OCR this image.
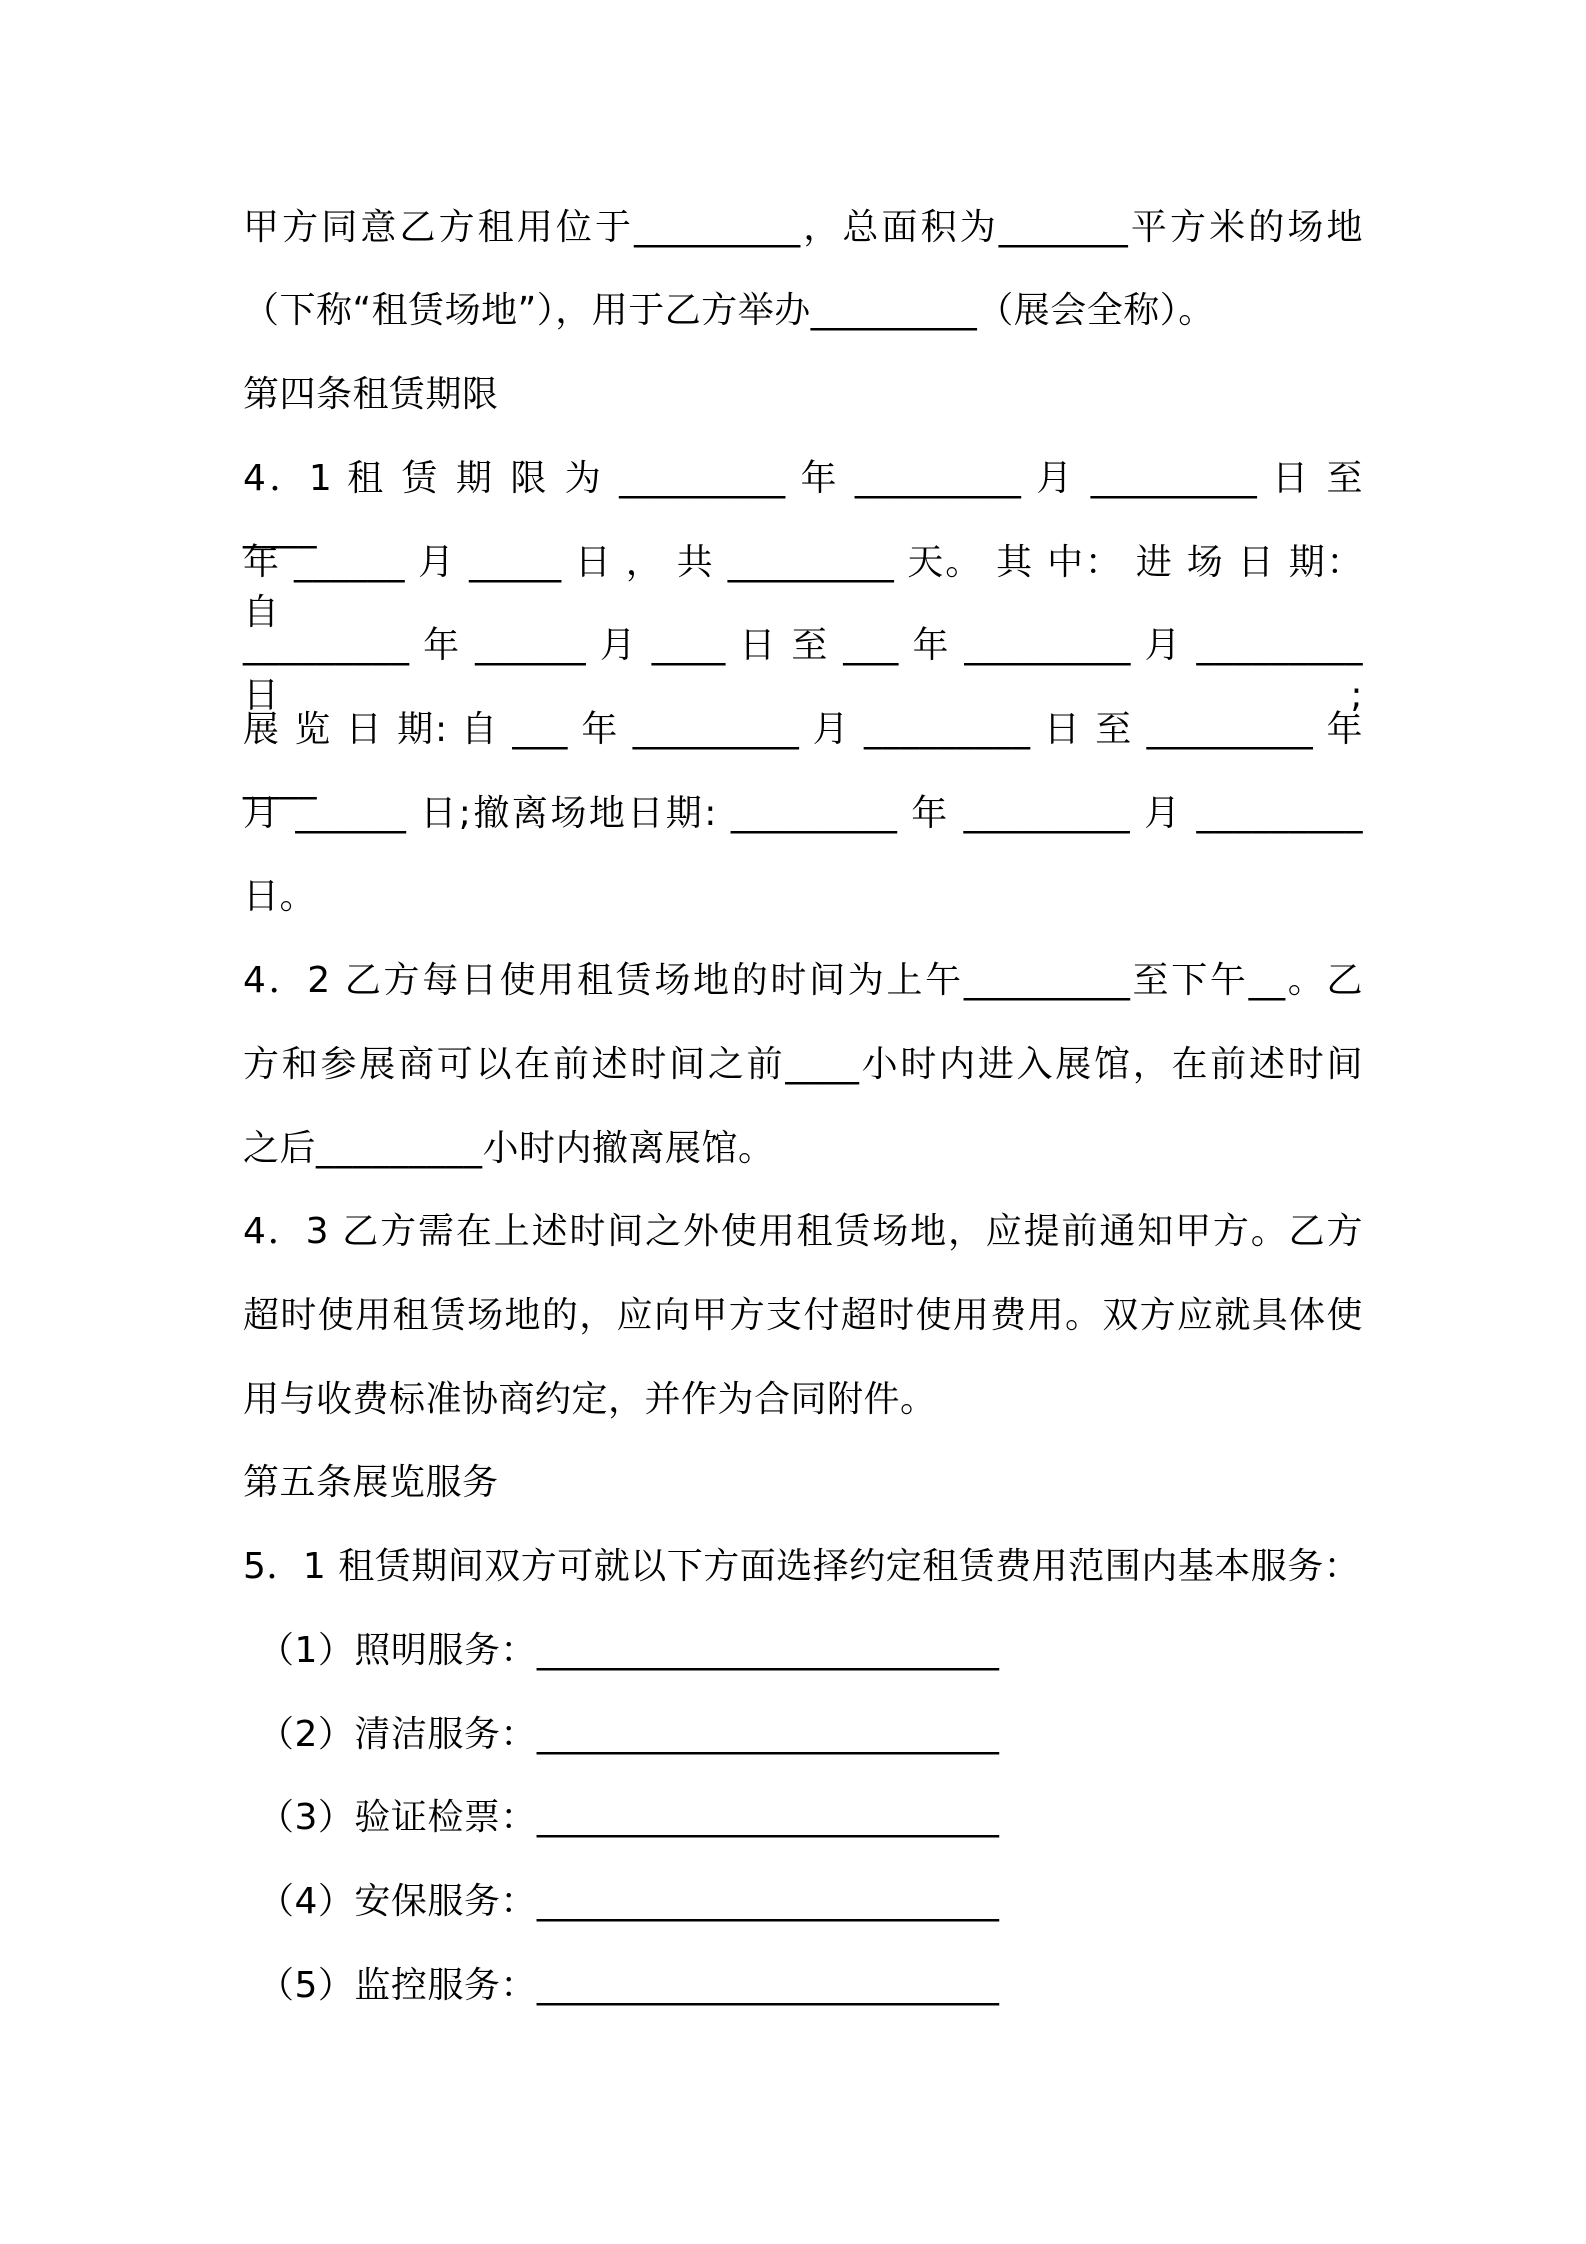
甲方同意乙方租用位于_________，总面积为_______平方米的场地
（下称“租赁场地”），用于乙方举办_________（展会全称）。
第四条租赁期限
4．1 租 赁 期 限 为 _________ 年 _________ 月 _________ 日 至 ____
年 ______ 月 _____ 日 ， 共 _________ 天。 其 中： 进 场 日 期： 自
_________ 年 ______ 月 ____ 日 至 ___ 年 _________ 月 _________ 日;
展 览 日 期: 自 ___ 年 _________ 月 _________ 日 至 _________ 年 ____
月 ______ 日;撤离场地日期: _________ 年 _________ 月 _________
日。
4．2 乙方每日使用租赁场地的时间为上午_________至下午__。乙
方和参展商可以在前述时间之前____小时内进入展馆，在前述时间
之后_________小时内撤离展馆。
4．3 乙方需在上述时间之外使用租赁场地，应提前通知甲方。乙方
超时使用租赁场地的，应向甲方支付超时使用费用。双方应就具体使
用与收费标准协商约定，并作为合同附件。
第五条展览服务
5．1 租赁期间双方可就以下方面选择约定租赁费用范围内基本服务：
（1）照明服务：_________________________
（2）清洁服务：_________________________
（3）验证检票：_________________________
（4）安保服务：_________________________
（5）监控服务：_________________________
